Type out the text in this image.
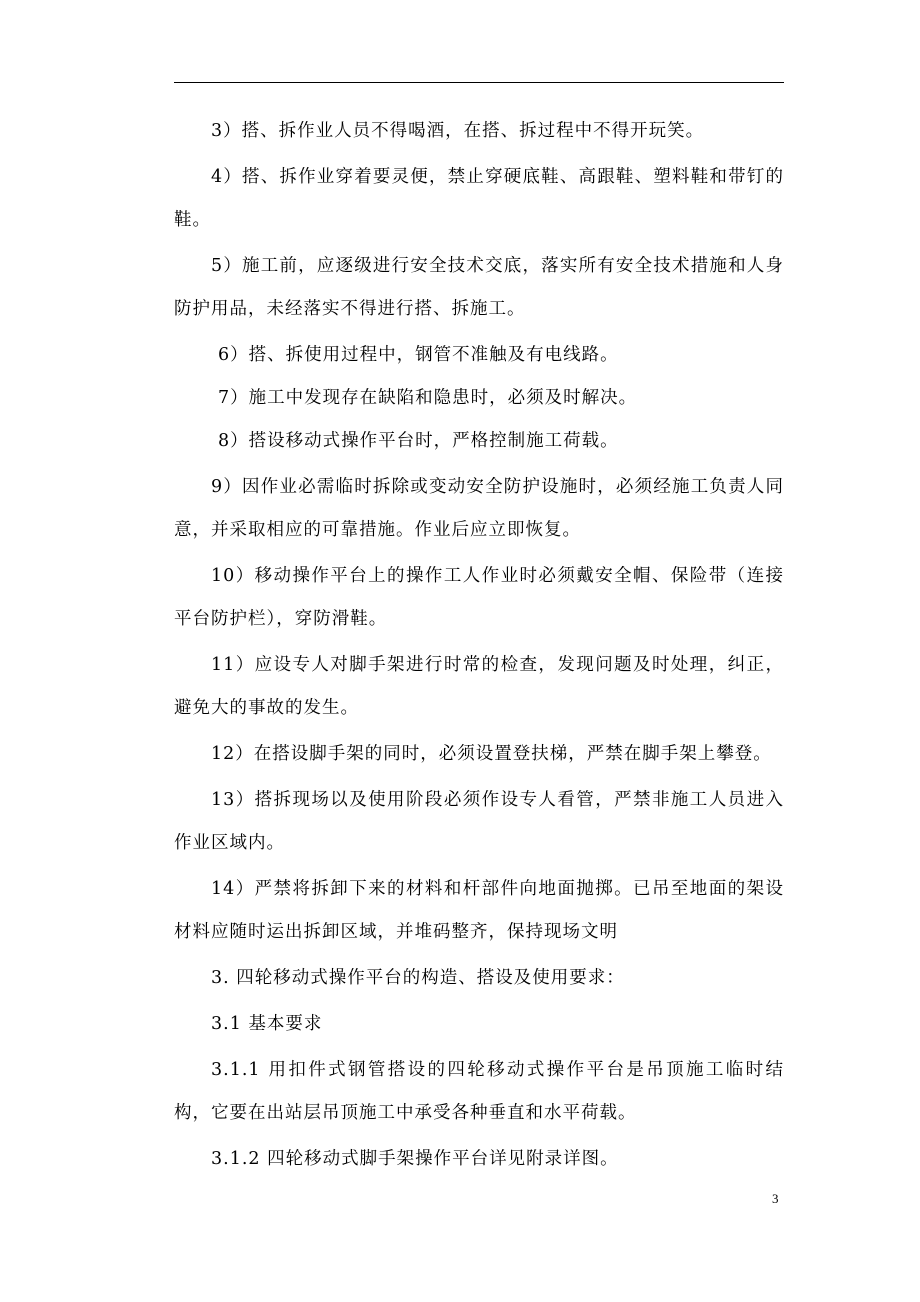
3）搭、拆作业人员不得喝酒，在搭、拆过程中不得开玩笑。

4）搭、拆作业穿着要灵便，禁止穿硬底鞋、高跟鞋、塑料鞋和带钉的鞋。

5）施工前，应逐级进行安全技术交底，落实所有安全技术措施和人身防护用品，未经落实不得进行搭、拆施工。

6）搭、拆使用过程中，钢管不准触及有电线路。

7）施工中发现存在缺陷和隐患时，必须及时解决。

8）搭设移动式操作平台时，严格控制施工荷载。

9）因作业必需临时拆除或变动安全防护设施时，必须经施工负责人同意，并采取相应的可靠措施。作业后应立即恢复。

10）移动操作平台上的操作工人作业时必须戴安全帽、保险带（连接平台防护栏），穿防滑鞋。

11）应设专人对脚手架进行时常的检查，发现问题及时处理，纠正，避免大的事故的发生。

12）在搭设脚手架的同时，必须设置登扶梯，严禁在脚手架上攀登。

13）搭拆现场以及使用阶段必须作设专人看管，严禁非施工人员进入作业区域内。

14）严禁将拆卸下来的材料和杆部件向地面抛掷。已吊至地面的架设材料应随时运出拆卸区域，并堆码整齐，保持现场文明

3. 四轮移动式操作平台的构造、搭设及使用要求：

3.1 基本要求

3.1.1 用扣件式钢管搭设的四轮移动式操作平台是吊顶施工临时结构，它要在出站层吊顶施工中承受各种垂直和水平荷载。

3.1.2 四轮移动式脚手架操作平台详见附录详图。

3
